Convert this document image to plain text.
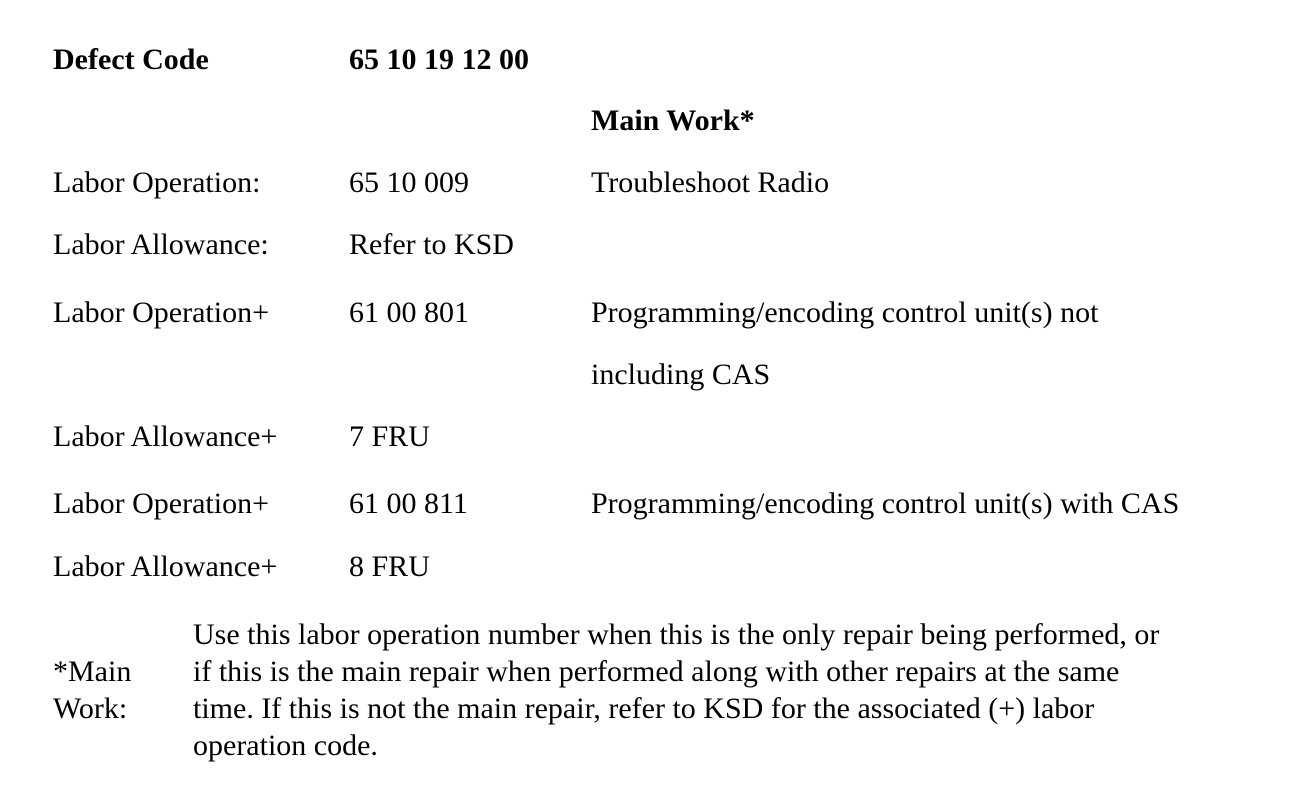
Defect Code	65 10 19 12 00
Main Work*
Labor Operation:	65 10 009	Troubleshoot Radio
Labor Allowance:	Refer to KSD
Labor Operation+	61 00 801	Programming/encoding control unit(s) not
including CAS
Labor Allowance+ 7 FRU
Labor Operation+	61 00 811	Programming/encoding control unit(s) with CAS
Labor Allowance+ 8 FRU
*Main
Work:
Use this labor operation number when this is the only repair being performed, or
if this is the main repair when performed along with other repairs at the same
time. If this is not the main repair, refer to KSD for the associated (+) labor
operation code.
